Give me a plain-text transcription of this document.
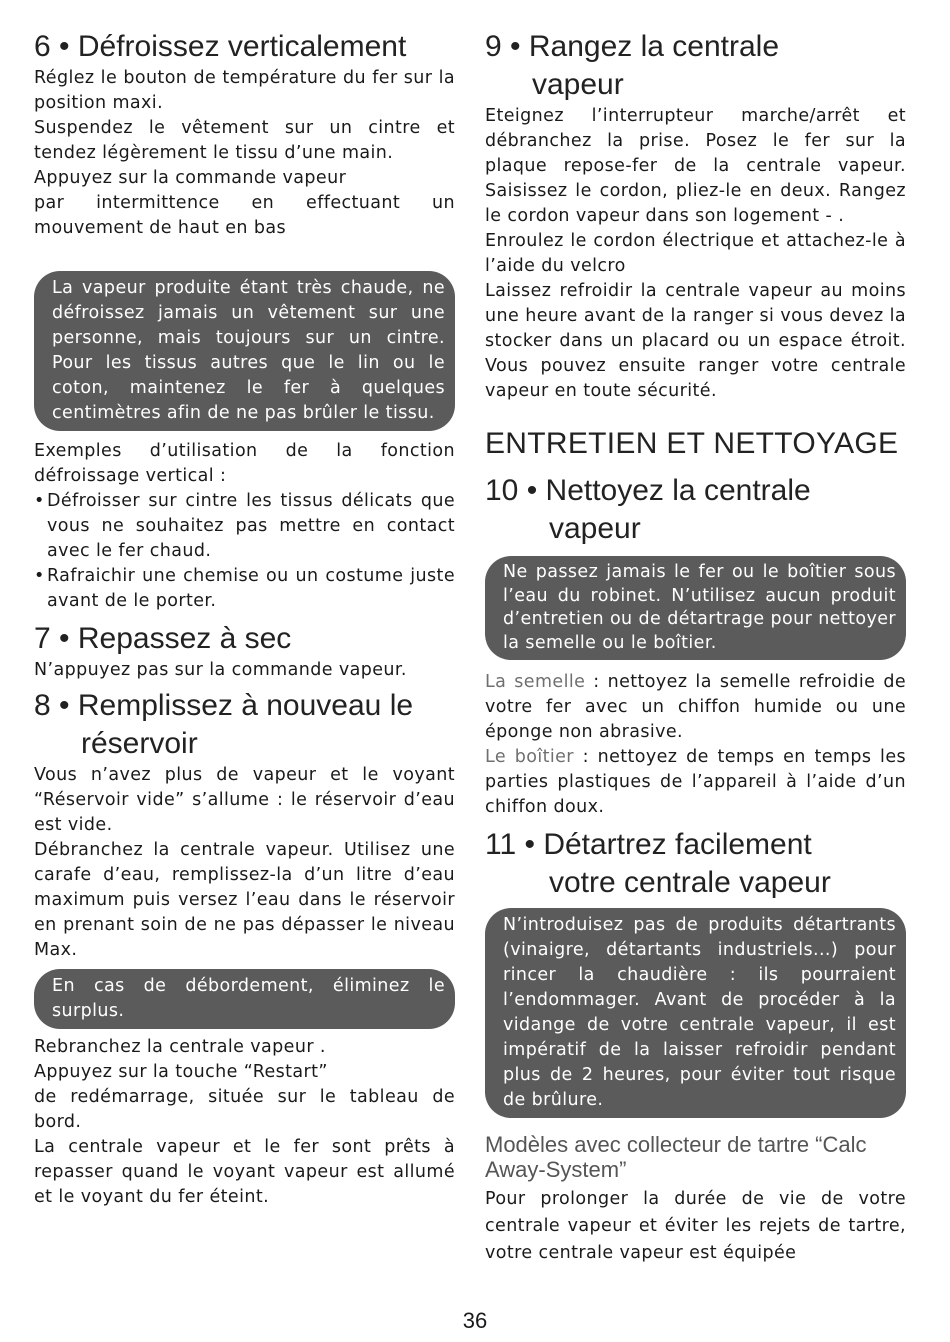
6 • Défroissez verticalement

Réglez le bouton de température du fer sur la position maxi.

Suspendez le vêtement sur un cintre et tendez légèrement le tissu d’une main.

Appuyez sur la commande vapeur

par intermittence en effectuant un mouvement de haut en bas

La vapeur produite étant très chaude, ne défroissez jamais un vêtement sur une personne, mais toujours sur un cintre. Pour les tissus autres que le lin ou le coton, maintenez le fer à quelques centimètres afin de ne pas brûler le tissu.

Exemples d’utilisation de la fonction défroissage vertical :

• Défroisser sur cintre les tissus délicats que vous ne souhaitez pas mettre en contact avec le fer chaud.
• Rafraichir une chemise ou un costume juste avant de le porter.
7 • Repassez à sec

N’appuyez pas sur la commande vapeur.

8 • Remplissez à nouveau le
réservoir

Vous n’avez plus de vapeur et le voyant “Réservoir vide” s’allume : le réservoir d’eau est vide.

Débranchez la centrale vapeur. Utilisez une carafe d’eau, remplissez-la d’un litre d’eau maximum puis versez l’eau dans le réservoir en prenant soin de ne pas dépasser le niveau Max.

En cas de débordement, éliminez le surplus.

Rebranchez la centrale vapeur .

Appuyez sur la touche “Restart”

de redémarrage, située sur le tableau de bord.

La centrale vapeur et le fer sont prêts à repasser quand le voyant vapeur est allumé et le voyant du fer éteint.

9 • Rangez la centrale
vapeur

Eteignez l’interrupteur marche/arrêt et débranchez la prise. Posez le fer sur la plaque repose-fer de la centrale vapeur. Saisissez le cordon, pliez-le en deux. Rangez le cordon vapeur dans son logement - .

Enroulez le cordon électrique et attachez-le à l’aide du velcro

Laissez refroidir la centrale vapeur au moins une heure avant de la ranger si vous devez la stocker dans un placard ou un espace étroit. Vous pouvez ensuite ranger votre centrale vapeur en toute sécurité.

ENTRETIEN ET NETTOYAGE
10 • Nettoyez la centrale
vapeur
Ne passez jamais le fer ou le boîtier sous l’eau du robinet. N’utilisez aucun produit d’entretien ou de détartrage pour nettoyer la semelle ou le boîtier.

La semelle : nettoyez la semelle refroidie de votre fer avec un chiffon humide ou une éponge non abrasive.

Le boîtier : nettoyez de temps en temps les parties plastiques de l’appareil à l’aide d’un chiffon doux.

11 • Détartrez facilement
votre centrale vapeur
N’introduisez pas de produits détartrants (vinaigre, détartants industriels...) pour rincer la chaudière : ils pourraient l’endommager. Avant de procéder à la vidange de votre centrale vapeur, il est impératif de la laisser refroidir pendant plus de 2 heures, pour éviter tout risque de brûlure.
Modèles avec collecteur de tartre “Calc Away-System”

Pour prolonger la durée de vie de votre centrale vapeur et éviter les rejets de tartre, votre centrale vapeur est équipée

36
